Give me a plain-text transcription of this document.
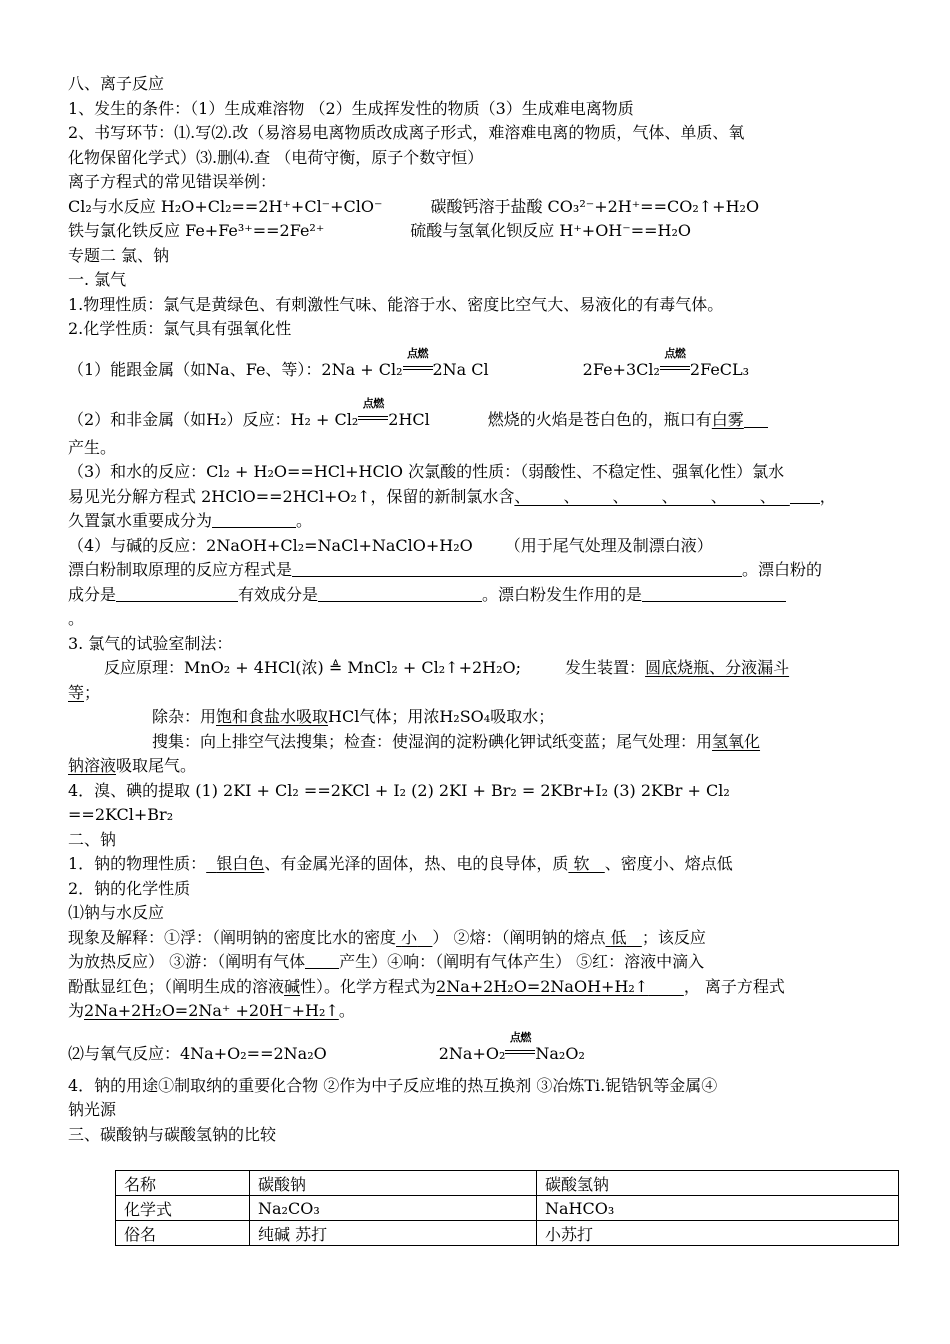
八、离子反应
1、发生的条件：（1）生成难溶物 （2）生成挥发性的物质（3）生成难电离物质
2、书写环节：⑴.写⑵.改（易溶易电离物质改成离子形式，难溶难电离的物质，气体、单质、氧
化物保留化学式）⑶.删⑷.查 （电荷守衡，原子个数守恒）
离子方程式的常见错误举例：
Cl₂与水反应 H₂O+Cl₂==2H⁺+Cl⁻+ClO⁻	碳酸钙溶于盐酸 CO₃²⁻+2H⁺==CO₂↑+H₂O
铁与氯化铁反应 Fe+Fe³⁺==2Fe²⁺	硫酸与氢氧化钡反应 H⁺+OH⁻==H₂O
专题二 氯、钠
一. 氯气
1.物理性质：氯气是黄绿色、有刺激性气味、能溶于水、密度比空气大、易液化的有毒气体。
2.化学性质：氯气具有强氧化性
（1）能跟金属（如Na、Fe、等）：2Na + Cl₂
点燃
2Na Cl	2Fe+3Cl₂
点燃
2FeCL₃
（2）和非金属（如H₂）反应：H₂ + Cl₂
点燃
2HCl	燃烧的火焰是苍白色的，瓶口有白雾
产生。
（3）和水的反应：Cl₂ + H₂O==HCl+HClO 次氯酸的性质：（弱酸性、不稳定性、强氧化性）氯水
易见光分解方程式 2HClO==2HCl+O₂↑，保留的新制氯水含、 、 、 、 、 、 ，
久置氯水重要成分为	。
（4）与碱的反应：2NaOH+Cl₂=NaCl+NaClO+H₂O （用于尾气处理及制漂白液）
漂白粉制取原理的反应方程式是	。漂白粉的
成分是	有效成分是	。漂白粉发生作用的是
。
3. 氯气的试验室制法：
反应原理：MnO₂ + 4HCl(浓) ≜ MnCl₂ + Cl₂↑+2H₂O;	发生装置：圆底烧瓶、分液漏斗
等；
除杂：用饱和食盐水吸取HCl气体；用浓H₂SO₄吸取水；
搜集：向上排空气法搜集；检查：使湿润的淀粉碘化钾试纸变蓝；尾气处理：用氢氧化
钠溶液吸取尾气。
4．溴、碘的提取 (1) 2KI + Cl₂ ==2KCl + I₂ (2) 2KI + Br₂ = 2KBr+I₂ (3) 2KBr + Cl₂
==2KCl+Br₂
二、钠
1．钠的物理性质： 银白色、有金属光泽的固体，热、电的良导体，质 软 、密度小、熔点低
2．钠的化学性质
⑴钠与水反应
现象及解释：①浮：（阐明钠的密度比水的密度 小 ） ②熔：（阐明钠的熔点 低 ；该反应
为放热反应） ③游：（阐明有气体 产生）④响：（阐明有气体产生） ⑤红：溶液中滴入
酚酞显红色；（阐明生成的溶液碱性）。化学方程式为2Na+2H₂O=2NaOH+H₂↑ ， 离子方程式
为2Na+2H₂O=2Na⁺ +20H⁻+H₂↑。
⑵与氧气反应：4Na+O₂==2Na₂O	2Na+O₂
点燃
Na₂O₂
4．钠的用途①制取纳的重要化合物 ②作为中子反应堆的热互换剂 ③冶炼Ti.铌锆钒等金属④
钠光源
三、碳酸钠与碳酸氢钠的比较
名称	碳酸钠	碳酸氢钠
化学式	Na₂CO₃	NaHCO₃
俗名	纯碱 苏打	小苏打
